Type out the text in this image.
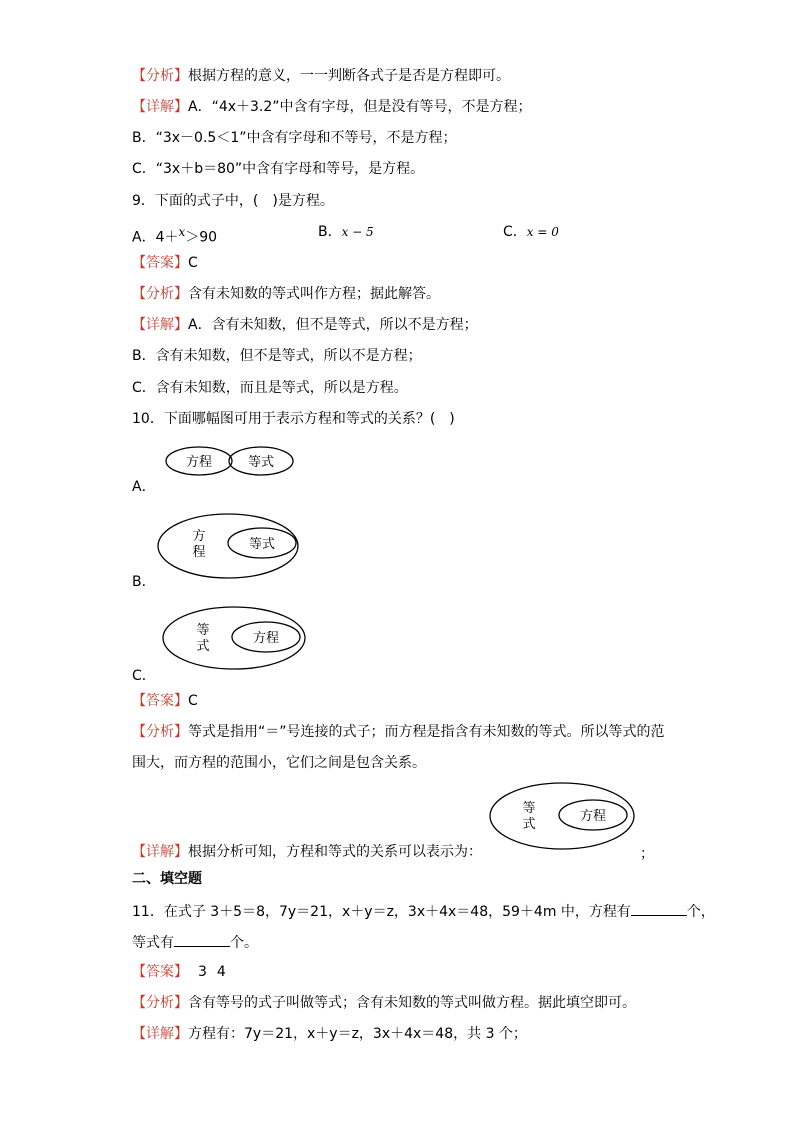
【分析】根据方程的意义，一一判断各式子是否是方程即可。
【详解】A．“4x＋3.2”中含有字母，但是没有等号，不是方程；
B．“3x－0.5＜1”中含有字母和不等号，不是方程；
C．“3x＋b＝80”中含有字母和等号，是方程。
9．下面的式子中，(　)是方程。
A．4＋$^x$＞90	B．x − 5	C．x = 0
【答案】C
【分析】含有未知数的等式叫作方程；据此解答。
【详解】A．含有未知数，但不是等式，所以不是方程；
B．含有未知数，但不是等式，所以不是方程；
C．含有未知数，而且是等式，所以是方程。
10．下面哪幅图可用于表示方程和等式的关系？(　)
方程	等式
A．
方
程
等式
B．
等
式
方程
C．
【答案】C
【分析】等式是指用“＝”号连接的式子；而方程是指含有未知数的等式。所以等式的范
围大，而方程的范围小，它们之间是包含关系。
等
式
方程
【详解】根据分析可知，方程和等式的关系可以表示为：	；
二、填空题
11．在式子 3＋5＝8，7y＝21，x＋y＝z，3x＋4x＝48，59＋4m 中，方程有	个，
等式有	个。
【答案】 3 4
【分析】含有等号的式子叫做等式；含有未知数的等式叫做方程。据此填空即可。
【详解】方程有：7y＝21，x＋y＝z，3x＋4x＝48，共 3 个；
